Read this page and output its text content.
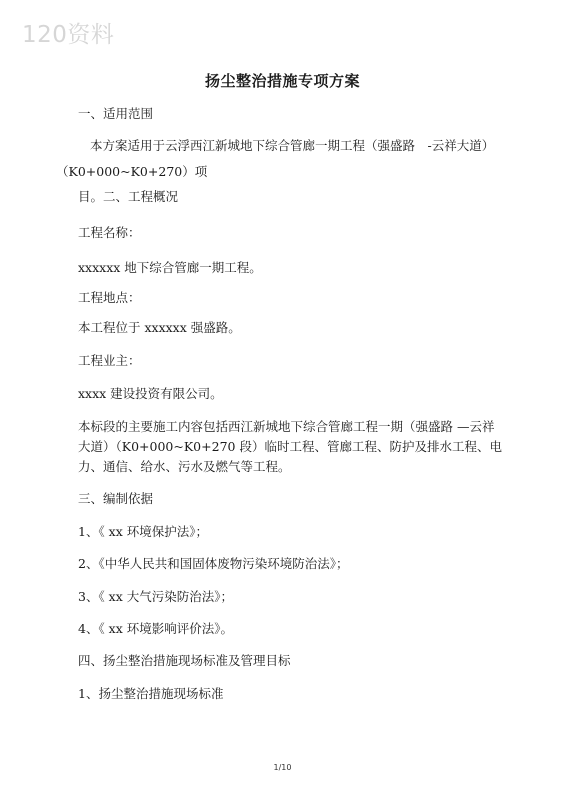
120资料
扬尘整治措施专项方案
一、适用范围
本方案适用于云浮西江新城地下综合管廊一期工程（强盛路　-云祥大道）
（K0+000~K0+270）项
目。二、工程概况
工程名称：
xxxxxx 地下综合管廊一期工程。
工程地点：
本工程位于 xxxxxx 强盛路。
工程业主：
xxxx 建设投资有限公司。
本标段的主要施工内容包括西江新城地下综合管廊工程一期（强盛路 —云祥
大道）（K0+000~K0+270 段）临时工程、管廊工程、防护及排水工程、电
力、通信、给水、污水及燃气等工程。
三、编制依据
1、《 xx 环境保护法》；
2、《中华人民共和国固体废物污染环境防治法》；
3、《 xx 大气污染防治法》；
4、《 xx 环境影响评价法》。
四、扬尘整治措施现场标准及管理目标
1、扬尘整治措施现场标准
1/10
